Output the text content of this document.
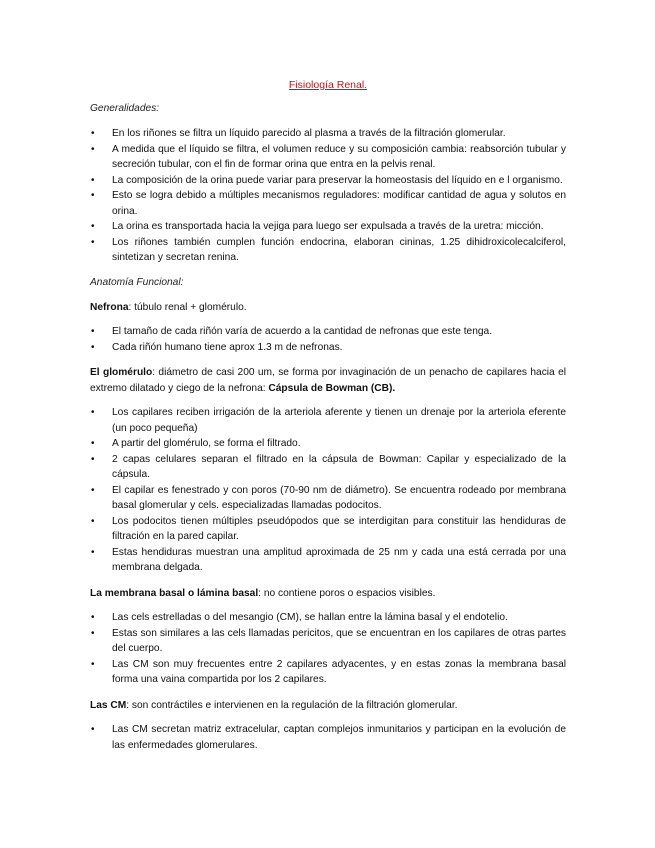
Fisiología Renal.
Generalidades:
• En los riñones se filtra un líquido parecido al plasma a través de la filtración glomerular.
• A medida que el líquido se filtra, el volumen reduce y su composición cambia: reabsorción tubular y secreción tubular, con el fin de formar orina que entra en la pelvis renal.
• La composición de la orina puede variar para preservar la homeostasis del líquido en e l organismo.
• Esto se logra debido a múltiples mecanismos reguladores: modificar cantidad de agua y solutos en orina.
• La orina es transportada hacia la vejiga para luego ser expulsada a través de la uretra: micción.
• Los riñones también cumplen función endocrina, elaboran cininas, 1.25 dihidroxicolecalciferol, sintetizan y secretan renina.
Anatomía Funcional:

Nefrona: túbulo renal + glomérulo.

• El tamaño de cada riñón varía de acuerdo a la cantidad de nefronas que este tenga.
• Cada riñón humano tiene aprox 1.3 m de nefronas.

El glomérulo: diámetro de casi 200 um, se forma por invaginación de un penacho de capilares hacia el extremo dilatado y ciego de la nefrona: Cápsula de Bowman (CB).

• Los capilares reciben irrigación de la arteriola aferente y tienen un drenaje por la arteriola eferente (un poco pequeña)
• A partir del glomérulo, se forma el filtrado.
• 2 capas celulares separan el filtrado en la cápsula de Bowman: Capilar y especializado de la cápsula.
• El capilar es fenestrado y con poros (70-90 nm de diámetro). Se encuentra rodeado por membrana basal glomerular y cels. especializadas llamadas podocitos.
• Los podocitos tienen múltiples pseudópodos que se interdigitan para constituir las hendiduras de filtración en la pared capilar.
• Estas hendiduras muestran una amplitud aproximada de 25 nm y cada una está cerrada por una membrana delgada.

La membrana basal o lámina basal: no contiene poros o espacios visibles.

• Las cels estrelladas o del mesangio (CM), se hallan entre la lámina basal y el endotelio.
• Estas son similares a las cels llamadas pericitos, que se encuentran en los capilares de otras partes del cuerpo.
• Las CM son muy frecuentes entre 2 capilares adyacentes, y en estas zonas la membrana basal forma una vaina compartida por los 2 capilares.

Las CM: son contráctiles e intervienen en la regulación de la filtración glomerular.

• Las CM secretan matriz extracelular, captan complejos inmunitarios y participan en la evolución de las enfermedades glomerulares.
